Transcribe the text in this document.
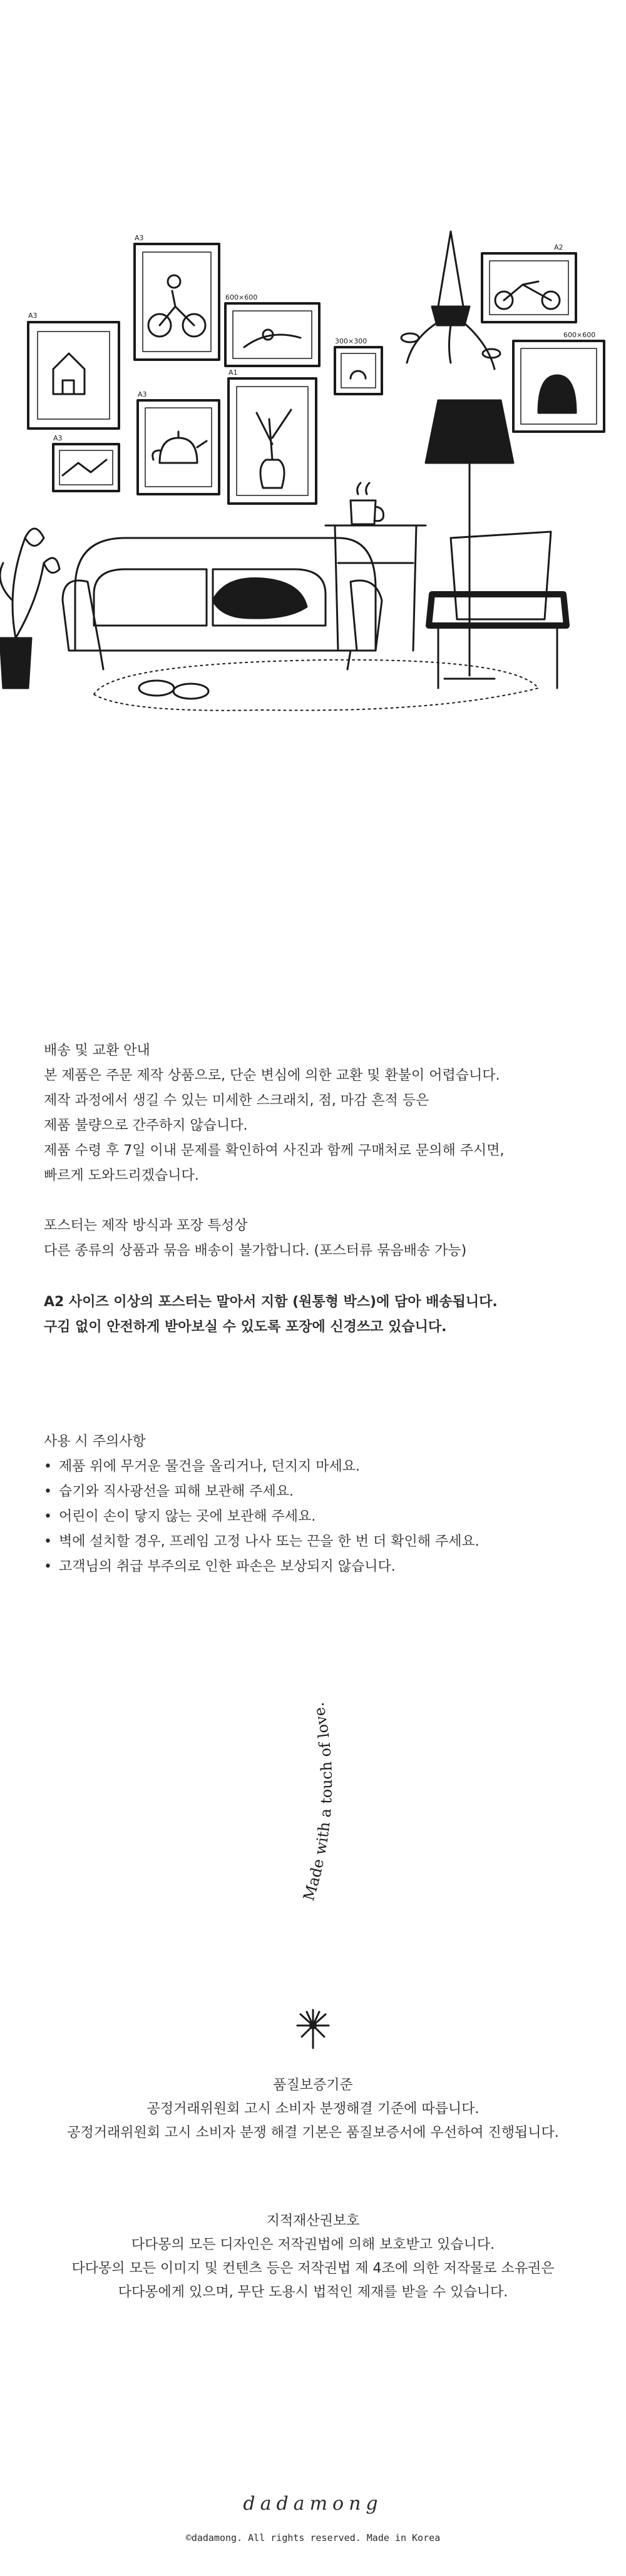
A3
A3
600×600
A3
300×300
A1
A3
600×600
A2

배송 및 교환 안내

본 제품은 주문 제작 상품으로, 단순 변심에 의한 교환 및 환불이 어렵습니다.

제작 과정에서 생길 수 있는 미세한 스크래치, 점, 마감 흔적 등은

제품 불량으로 간주하지 않습니다.

제품 수령 후 7일 이내 문제를 확인하여 사진과 함께 구매처로 문의해 주시면,

빠르게 도와드리겠습니다.

포스터는 제작 방식과 포장 특성상

다른 종류의 상품과 묶음 배송이 불가합니다. (포스터류 묶음배송 가능)

A2 사이즈 이상의 포스터는 말아서 지함 (원통형 박스)에 담아 배송됩니다.

구김 없이 안전하게 받아보실 수 있도록 포장에 신경쓰고 있습니다.

사용 시 주의사항

• 제품 위에 무거운 물건을 올리거나, 던지지 마세요.
• 습기와 직사광선을 피해 보관해 주세요.
• 어린이 손이 닿지 않는 곳에 보관해 주세요.
• 벽에 설치할 경우, 프레임 고정 나사 또는 끈을 한 번 더 확인해 주세요.
• 고객님의 취급 부주의로 인한 파손은 보상되지 않습니다.
Made with a touch of love.

품질보증기준

공정거래위원회 고시 소비자 분쟁해결 기준에 따릅니다.

공정거래위원회 고시 소비자 분쟁 해결 기본은 품질보증서에 우선하여 진행됩니다.

지적재산권보호

다다몽의 모든 디자인은 저작권법에 의해 보호받고 있습니다.

다다몽의 모든 이미지 및 컨텐츠 등은 저작권법 제 4조에 의한 저작물로 소유권은

다다몽에게 있으며, 무단 도용시 법적인 제재를 받을 수 있습니다.

dadamong
©dadamong. All rights reserved. Made in Korea
